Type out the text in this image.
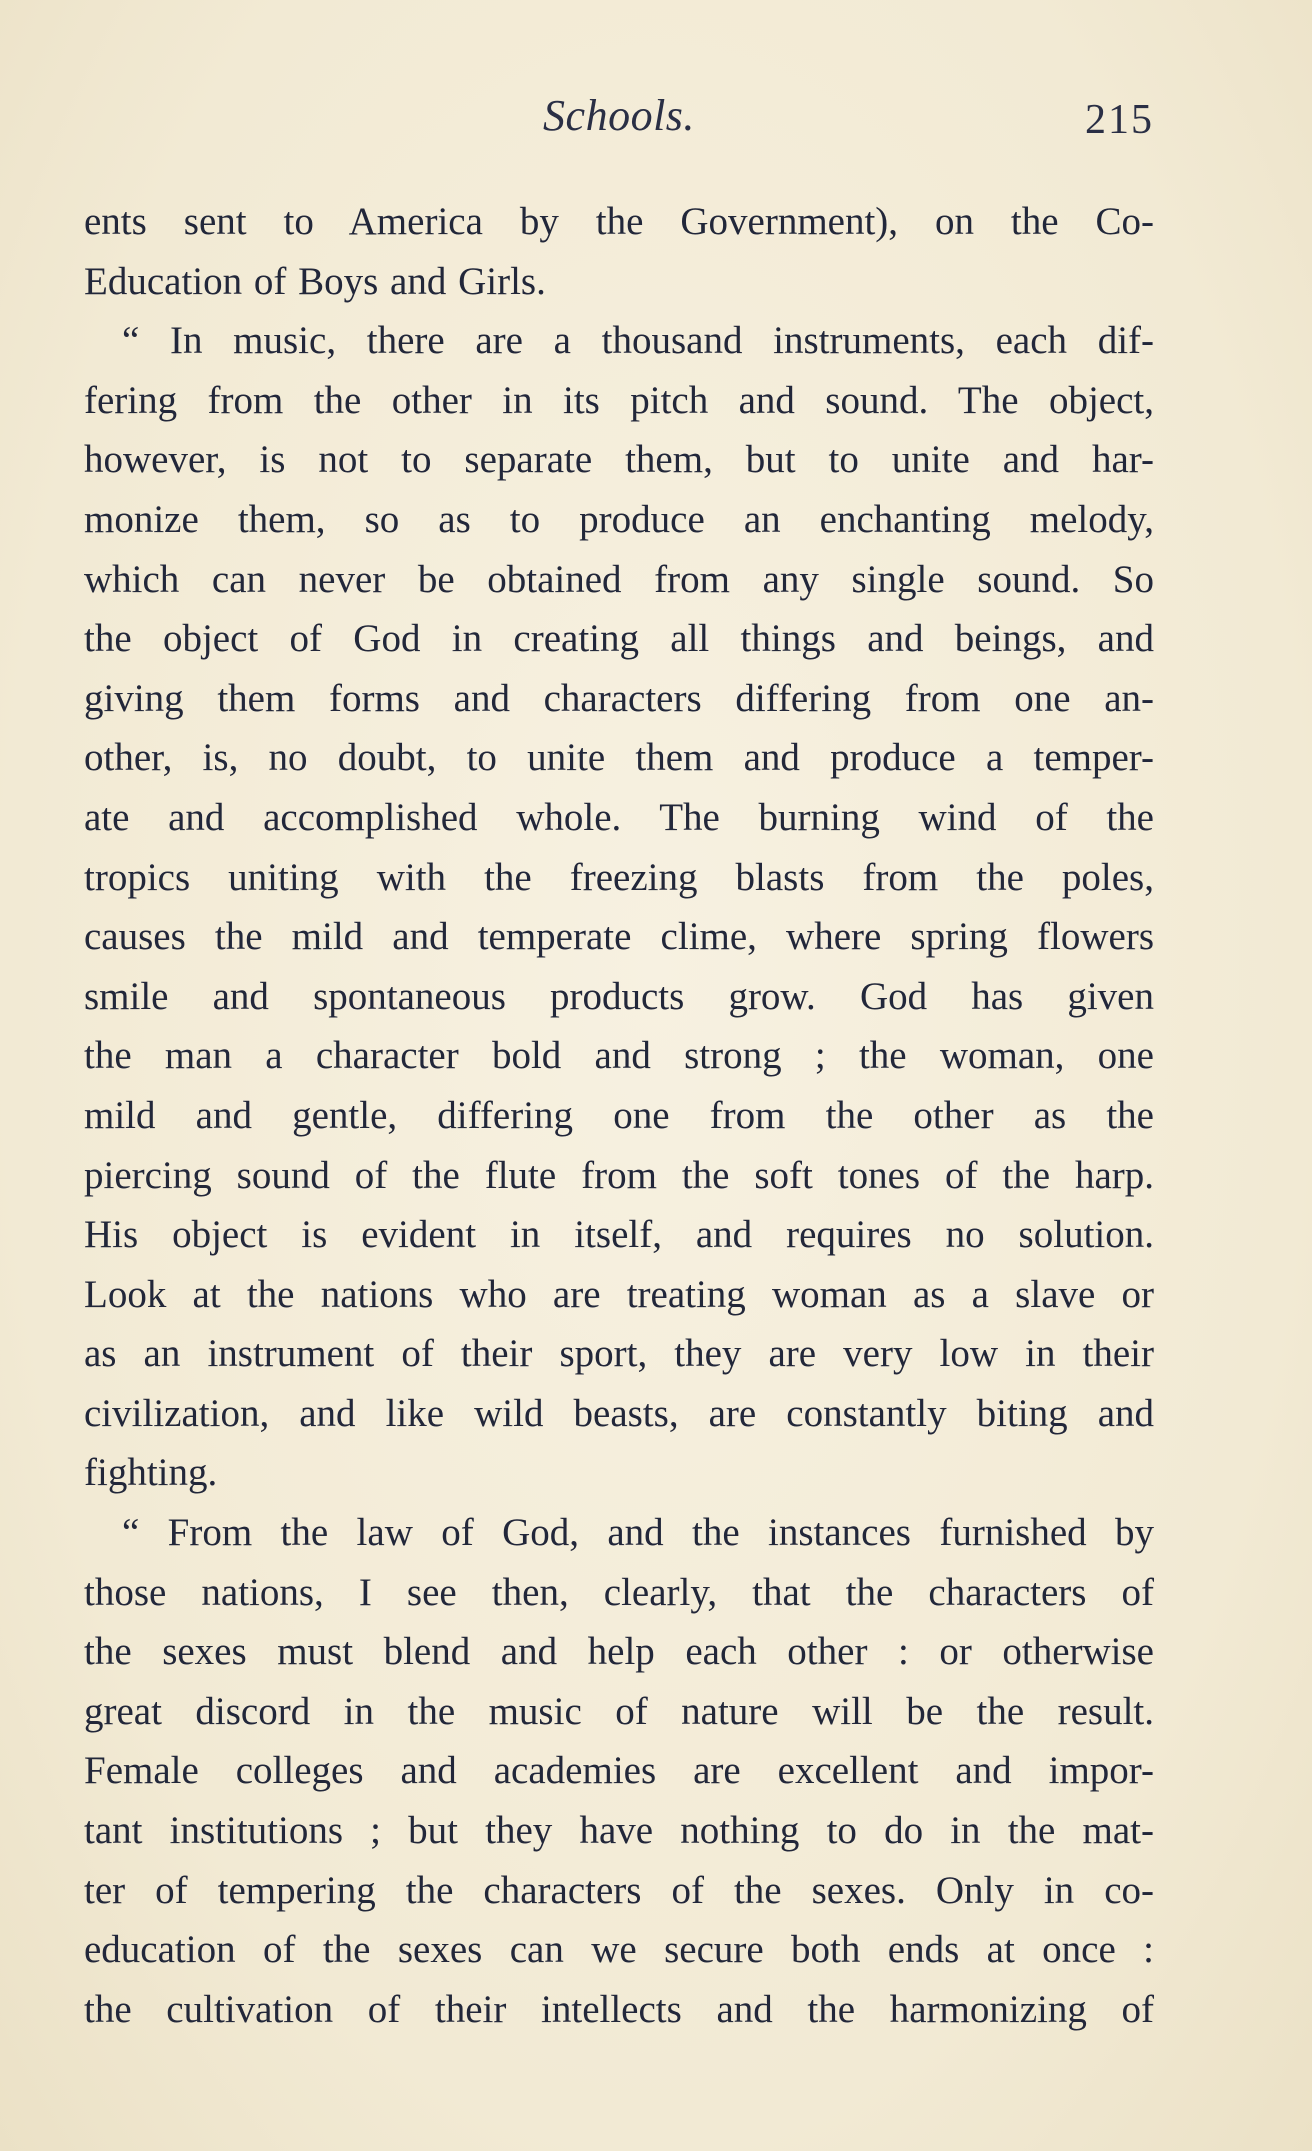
Schools.	215
ents sent to America by the Government), on the Co-
Education of Boys and Girls.
“ In music, there are a thousand instruments, each dif-
fering from the other in its pitch and sound. The object,
however, is not to separate them, but to unite and har-
monize them, so as to produce an enchanting melody,
which can never be obtained from any single sound. So
the object of God in creating all things and beings, and
giving them forms and characters differing from one an-
other, is, no doubt, to unite them and produce a temper-
ate and accomplished whole. The burning wind of the
tropics uniting with the freezing blasts from the poles,
causes the mild and temperate clime, where spring flowers
smile and spontaneous products grow. God has given
the man a character bold and strong ; the woman, one
mild and gentle, differing one from the other as the
piercing sound of the flute from the soft tones of the harp.
His object is evident in itself, and requires no solution.
Look at the nations who are treating woman as a slave or
as an instrument of their sport, they are very low in their
civilization, and like wild beasts, are constantly biting and
fighting.
“ From the law of God, and the instances furnished by
those nations, I see then, clearly, that the characters of
the sexes must blend and help each other : or otherwise
great discord in the music of nature will be the result.
Female colleges and academies are excellent and impor-
tant institutions ; but they have nothing to do in the mat-
ter of tempering the characters of the sexes. Only in co-
education of the sexes can we secure both ends at once :
the cultivation of their intellects and the harmonizing of
